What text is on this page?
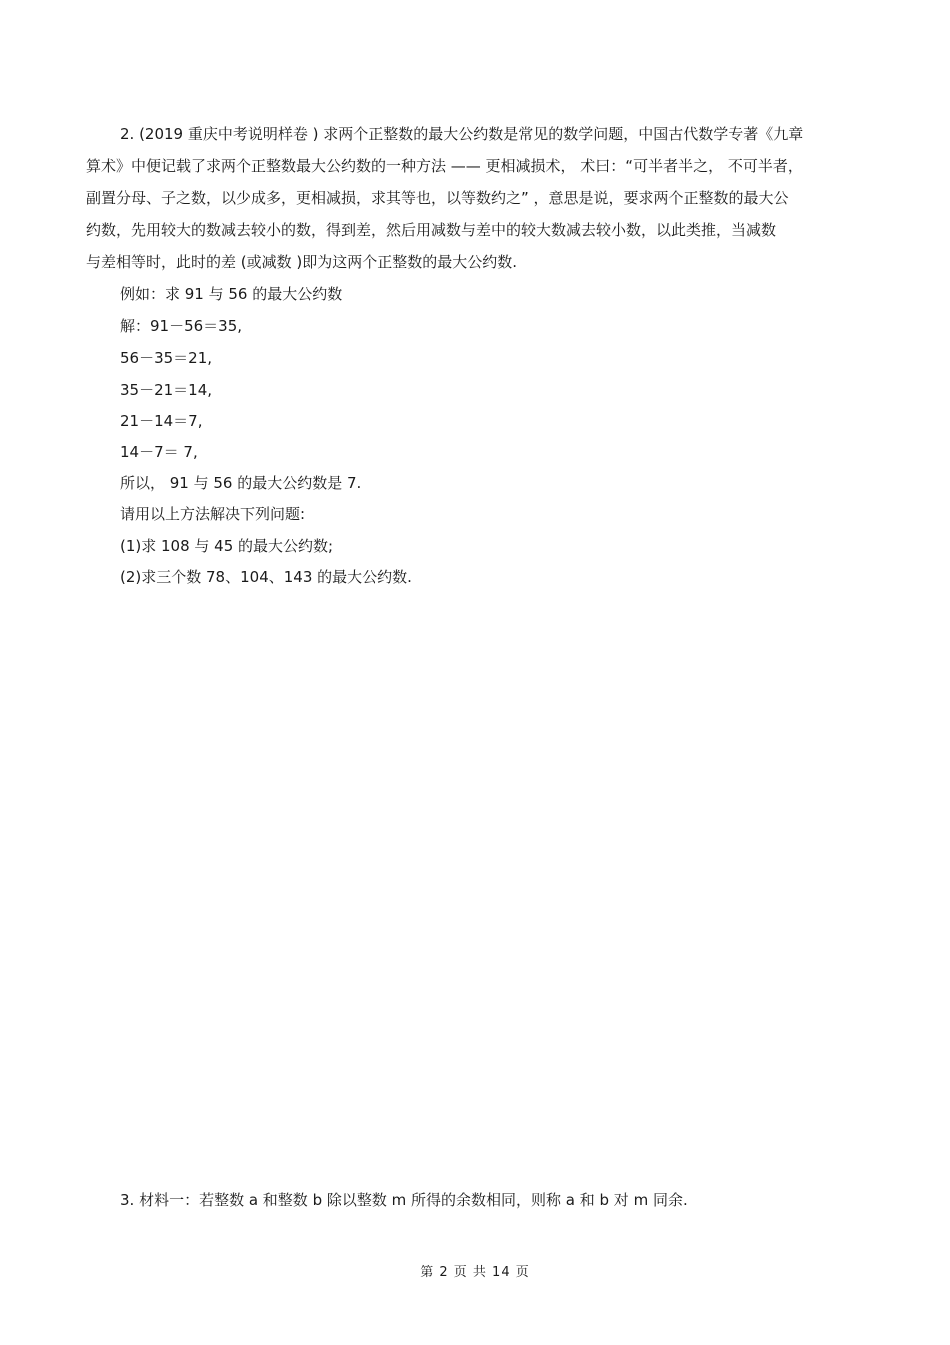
2. (2019 重庆中考说明样卷 ) 求两个正整数的最大公约数是常见的数学问题，中国古代数学专著《九章
算术》中便记载了求两个正整数最大公约数的一种方法 —— 更相减损术， 术曰：“可半者半之， 不可半者，
副置分母、子之数，以少成多，更相减损，求其等也，以等数约之” ，意思是说，要求两个正整数的最大公
约数，先用较大的数减去较小的数，得到差，然后用减数与差中的较大数减去较小数，以此类推，当减数
与差相等时，此时的差 (或减数 )即为这两个正整数的最大公约数.
例如：求 91 与 56 的最大公约数
解：91－56＝35,
56－35＝21,
35－21＝14,
21－14＝7,
14－7＝ 7,
所以， 91 与 56 的最大公约数是 7.
请用以上方法解决下列问题:
(1)求 108 与 45 的最大公约数;
(2)求三个数 78、104、143 的最大公约数.
3. 材料一：若整数 a 和整数 b 除以整数 m 所得的余数相同，则称 a 和 b 对 m 同余.
第 2 页 共 14 页
